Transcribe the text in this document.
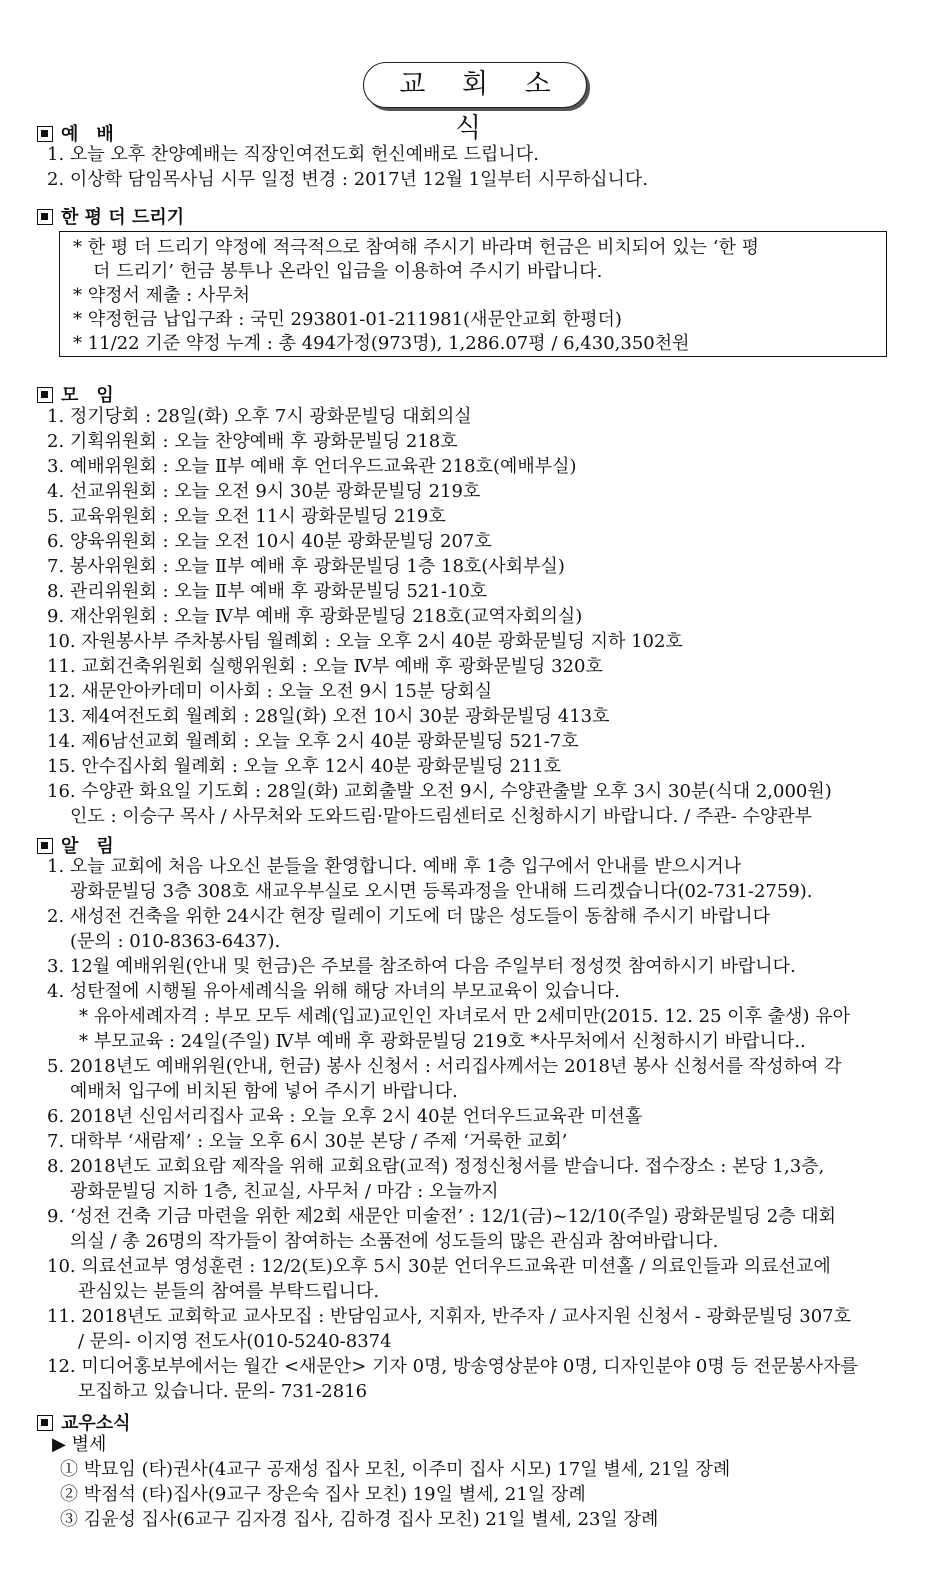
교 회 소 식
예　배
1. 오늘 오후 찬양예배는 직장인여전도회 헌신예배로 드립니다.
2. 이상학 담임목사님 시무 일정 변경 : 2017년 12월 1일부터 시무하십니다.
한 평 더 드리기
* 한 평 더 드리기 약정에 적극적으로 참여해 주시기 바라며 헌금은 비치되어 있는 ‘한 평
더 드리기’ 헌금 봉투나 온라인 입금을 이용하여 주시기 바랍니다.
* 약정서 제출 : 사무처
* 약정헌금 납입구좌 : 국민 293801-01-211981(새문안교회 한평더)
* 11/22 기준 약정 누계 : 총 494가정(973명), 1,286.07평 / 6,430,350천원
모　임
1. 정기당회 : 28일(화) 오후 7시 광화문빌딩 대회의실
2. 기획위원회 : 오늘 찬양예배 후 광화문빌딩 218호
3. 예배위원회 : 오늘 Ⅱ부 예배 후 언더우드교육관 218호(예배부실)
4. 선교위원회 : 오늘 오전 9시 30분 광화문빌딩 219호
5. 교육위원회 : 오늘 오전 11시 광화문빌딩 219호
6. 양육위원회 : 오늘 오전 10시 40분 광화문빌딩 207호
7. 봉사위원회 : 오늘 Ⅱ부 예배 후 광화문빌딩 1층 18호(사회부실)
8. 관리위원회 : 오늘 Ⅱ부 예배 후 광화문빌딩 521-10호
9. 재산위원회 : 오늘 Ⅳ부 예배 후 광화문빌딩 218호(교역자회의실)
10. 자원봉사부 주차봉사팀 월례회 : 오늘 오후 2시 40분 광화문빌딩 지하 102호
11. 교회건축위원회 실행위원회 : 오늘 Ⅳ부 예배 후 광화문빌딩 320호
12. 새문안아카데미 이사회 : 오늘 오전 9시 15분 당회실
13. 제4여전도회 월례회 : 28일(화) 오전 10시 30분 광화문빌딩 413호
14. 제6남선교회 월례회 : 오늘 오후 2시 40분 광화문빌딩 521-7호
15. 안수집사회 월례회 : 오늘 오후 12시 40분 광화문빌딩 211호
16. 수양관 화요일 기도회 : 28일(화) 교회출발 오전 9시, 수양관출발 오후 3시 30분(식대 2,000원)
인도 : 이승구 목사 / 사무처와 도와드림·맡아드림센터로 신청하시기 바랍니다. / 주관- 수양관부
알　림
1. 오늘 교회에 처음 나오신 분들을 환영합니다. 예배 후 1층 입구에서 안내를 받으시거나
광화문빌딩 3층 308호 새교우부실로 오시면 등록과정을 안내해 드리겠습니다(02-731-2759).
2. 새성전 건축을 위한 24시간 현장 릴레이 기도에 더 많은 성도들이 동참해 주시기 바랍니다
(문의 : 010-8363-6437).
3. 12월 예배위원(안내 및 헌금)은 주보를 참조하여 다음 주일부터 정성껏 참여하시기 바랍니다.
4. 성탄절에 시행될 유아세례식을 위해 해당 자녀의 부모교육이 있습니다.
* 유아세례자격 : 부모 모두 세례(입교)교인인 자녀로서 만 2세미만(2015. 12. 25 이후 출생) 유아
* 부모교육 : 24일(주일) Ⅳ부 예배 후 광화문빌딩 219호 *사무처에서 신청하시기 바랍니다..
5. 2018년도 예배위원(안내, 헌금) 봉사 신청서 : 서리집사께서는 2018년 봉사 신청서를 작성하여 각
예배처 입구에 비치된 함에 넣어 주시기 바랍니다.
6. 2018년 신임서리집사 교육 : 오늘 오후 2시 40분 언더우드교육관 미션홀
7. 대학부 ‘새람제’ : 오늘 오후 6시 30분 본당 / 주제 ‘거룩한 교회’
8. 2018년도 교회요람 제작을 위해 교회요람(교적) 정정신청서를 받습니다. 접수장소 : 본당 1,3층,
광화문빌딩 지하 1층, 친교실, 사무처 / 마감 : 오늘까지
9. ‘성전 건축 기금 마련을 위한 제2회 새문안 미술전’ : 12/1(금)~12/10(주일) 광화문빌딩 2층 대회
의실 / 총 26명의 작가들이 참여하는 소품전에 성도들의 많은 관심과 참여바랍니다.
10. 의료선교부 영성훈련 : 12/2(토)오후 5시 30분 언더우드교육관 미션홀 / 의료인들과 의료선교에
관심있는 분들의 참여를 부탁드립니다.
11. 2018년도 교회학교 교사모집 : 반담임교사, 지휘자, 반주자 / 교사지원 신청서 - 광화문빌딩 307호
/ 문의- 이지영 전도사(010-5240-8374
12. 미디어홍보부에서는 월간 <새문안> 기자 0명, 방송영상분야 0명, 디자인분야 0명 등 전문봉사자를
모집하고 있습니다. 문의- 731-2816
교우소식
▶ 별세
① 박묘임 (타)권사(4교구 공재성 집사 모친, 이주미 집사 시모) 17일 별세, 21일 장례
② 박점석 (타)집사(9교구 장은숙 집사 모친) 19일 별세, 21일 장례
③ 김윤성 집사(6교구 김자경 집사, 김하경 집사 모친) 21일 별세, 23일 장례
